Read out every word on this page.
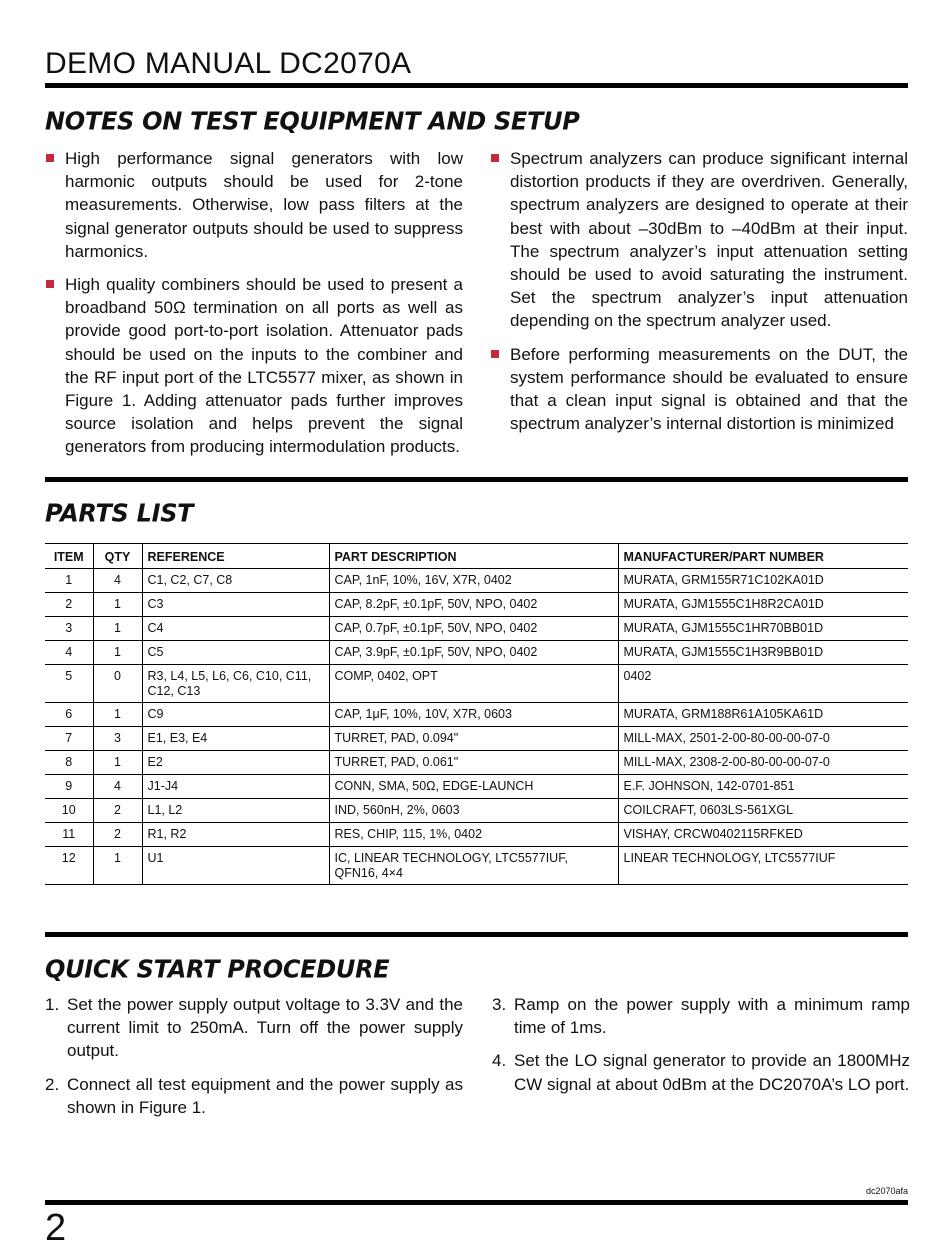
DEMO MANUAL DC2070A
NOTES ON TEST EQUIPMENT AND SETUP
High performance signal generators with low harmonic outputs should be used for 2-tone measurements. Otherwise, low pass filters at the signal generator outputs should be used to suppress harmonics.
High quality combiners should be used to present a broadband 50Ω termination on all ports as well as provide good port-to-port isolation. Attenuator pads should be used on the inputs to the combiner and the RF input port of the LTC5577 mixer, as shown in Figure 1. Adding attenuator pads further improves source isolation and helps prevent the signal generators from producing intermodulation products.
Spectrum analyzers can produce significant internal distortion products if they are overdriven. Generally, spectrum analyzers are designed to operate at their best with about –30dBm to –40dBm at their input. The spectrum analyzer’s input attenuation setting should be used to avoid saturating the instrument. Set the spectrum analyzer’s input attenuation depending on the spectrum analyzer used.
Before performing measurements on the DUT, the system performance should be evaluated to ensure that a clean input signal is obtained and that the spectrum analyzer’s internal distortion is minimized
PARTS LIST
ITEM	QTY	REFERENCE	PART DESCRIPTION	MANUFACTURER/PART NUMBER
1	4	C1, C2, C7, C8	CAP, 1nF, 10%, 16V, X7R, 0402	MURATA, GRM155R71C102KA01D
2	1	C3	CAP, 8.2pF, ±0.1pF, 50V, NPO, 0402	MURATA, GJM1555C1H8R2CA01D
3	1	C4	CAP, 0.7pF, ±0.1pF, 50V, NPO, 0402	MURATA, GJM1555C1HR70BB01D
4	1	C5	CAP, 3.9pF, ±0.1pF, 50V, NPO, 0402	MURATA, GJM1555C1H3R9BB01D
5	0	R3, L4, L5, L6, C6, C10, C11, C12, C13	COMP, 0402, OPT	0402
6	1	C9	CAP, 1μF, 10%, 10V, X7R, 0603	MURATA, GRM188R61A105KA61D
7	3	E1, E3, E4	TURRET, PAD, 0.094"	MILL-MAX, 2501-2-00-80-00-00-07-0
8	1	E2	TURRET, PAD, 0.061"	MILL-MAX, 2308-2-00-80-00-00-07-0
9	4	J1-J4	CONN, SMA, 50Ω, EDGE-LAUNCH	E.F. JOHNSON, 142-0701-851
10	2	L1, L2	IND, 560nH, 2%, 0603	COILCRAFT, 0603LS-561XGL
11	2	R1, R2	RES, CHIP, 115, 1%, 0402	VISHAY, CRCW0402115RFKED
12	1	U1	IC, LINEAR TECHNOLOGY, LTC5577IUF, QFN16, 4×4	LINEAR TECHNOLOGY, LTC5577IUF
QUICK START PROCEDURE
1. Set the power supply output voltage to 3.3V and the current limit to 250mA. Turn off the power supply output.
2. Connect all test equipment and the power supply as shown in Figure 1.
3. Ramp on the power supply with a minimum ramp time of 1ms.
4. Set the LO signal generator to provide an 1800MHz CW signal at about 0dBm at the DC2070A’s LO port.
dc2070afa
2
